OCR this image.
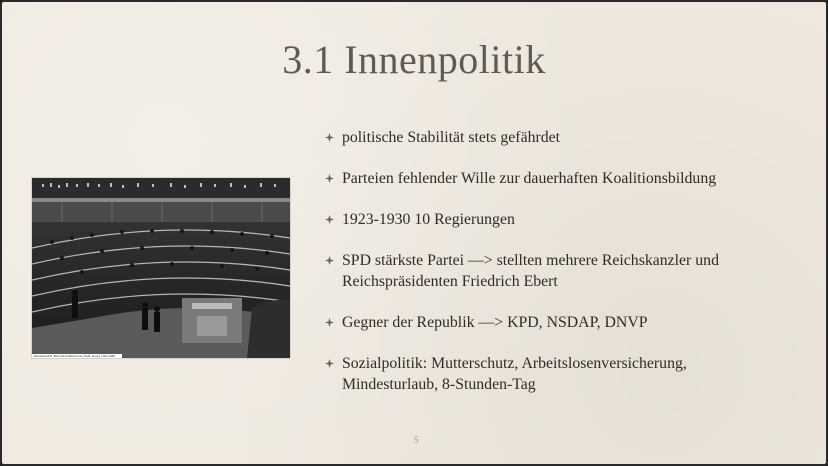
3.1 Innenpolitik
Bundesarchiv, Bild 102-01903A Foto: Pahl, Georg | Mai 1928
politische Stabilität stets gefährdet
Parteien fehlender Wille zur dauerhaften Koalitionsbildung
1923-1930 10 Regierungen
SPD stärkste Partei —> stellten mehrere Reichskanzler und
Reichspräsidenten Friedrich Ebert
Gegner der Republik —> KPD, NSDAP, DNVP
Sozialpolitik: Mutterschutz, Arbeitslosenversicherung,
Mindesturlaub, 8-Stunden-Tag
5
